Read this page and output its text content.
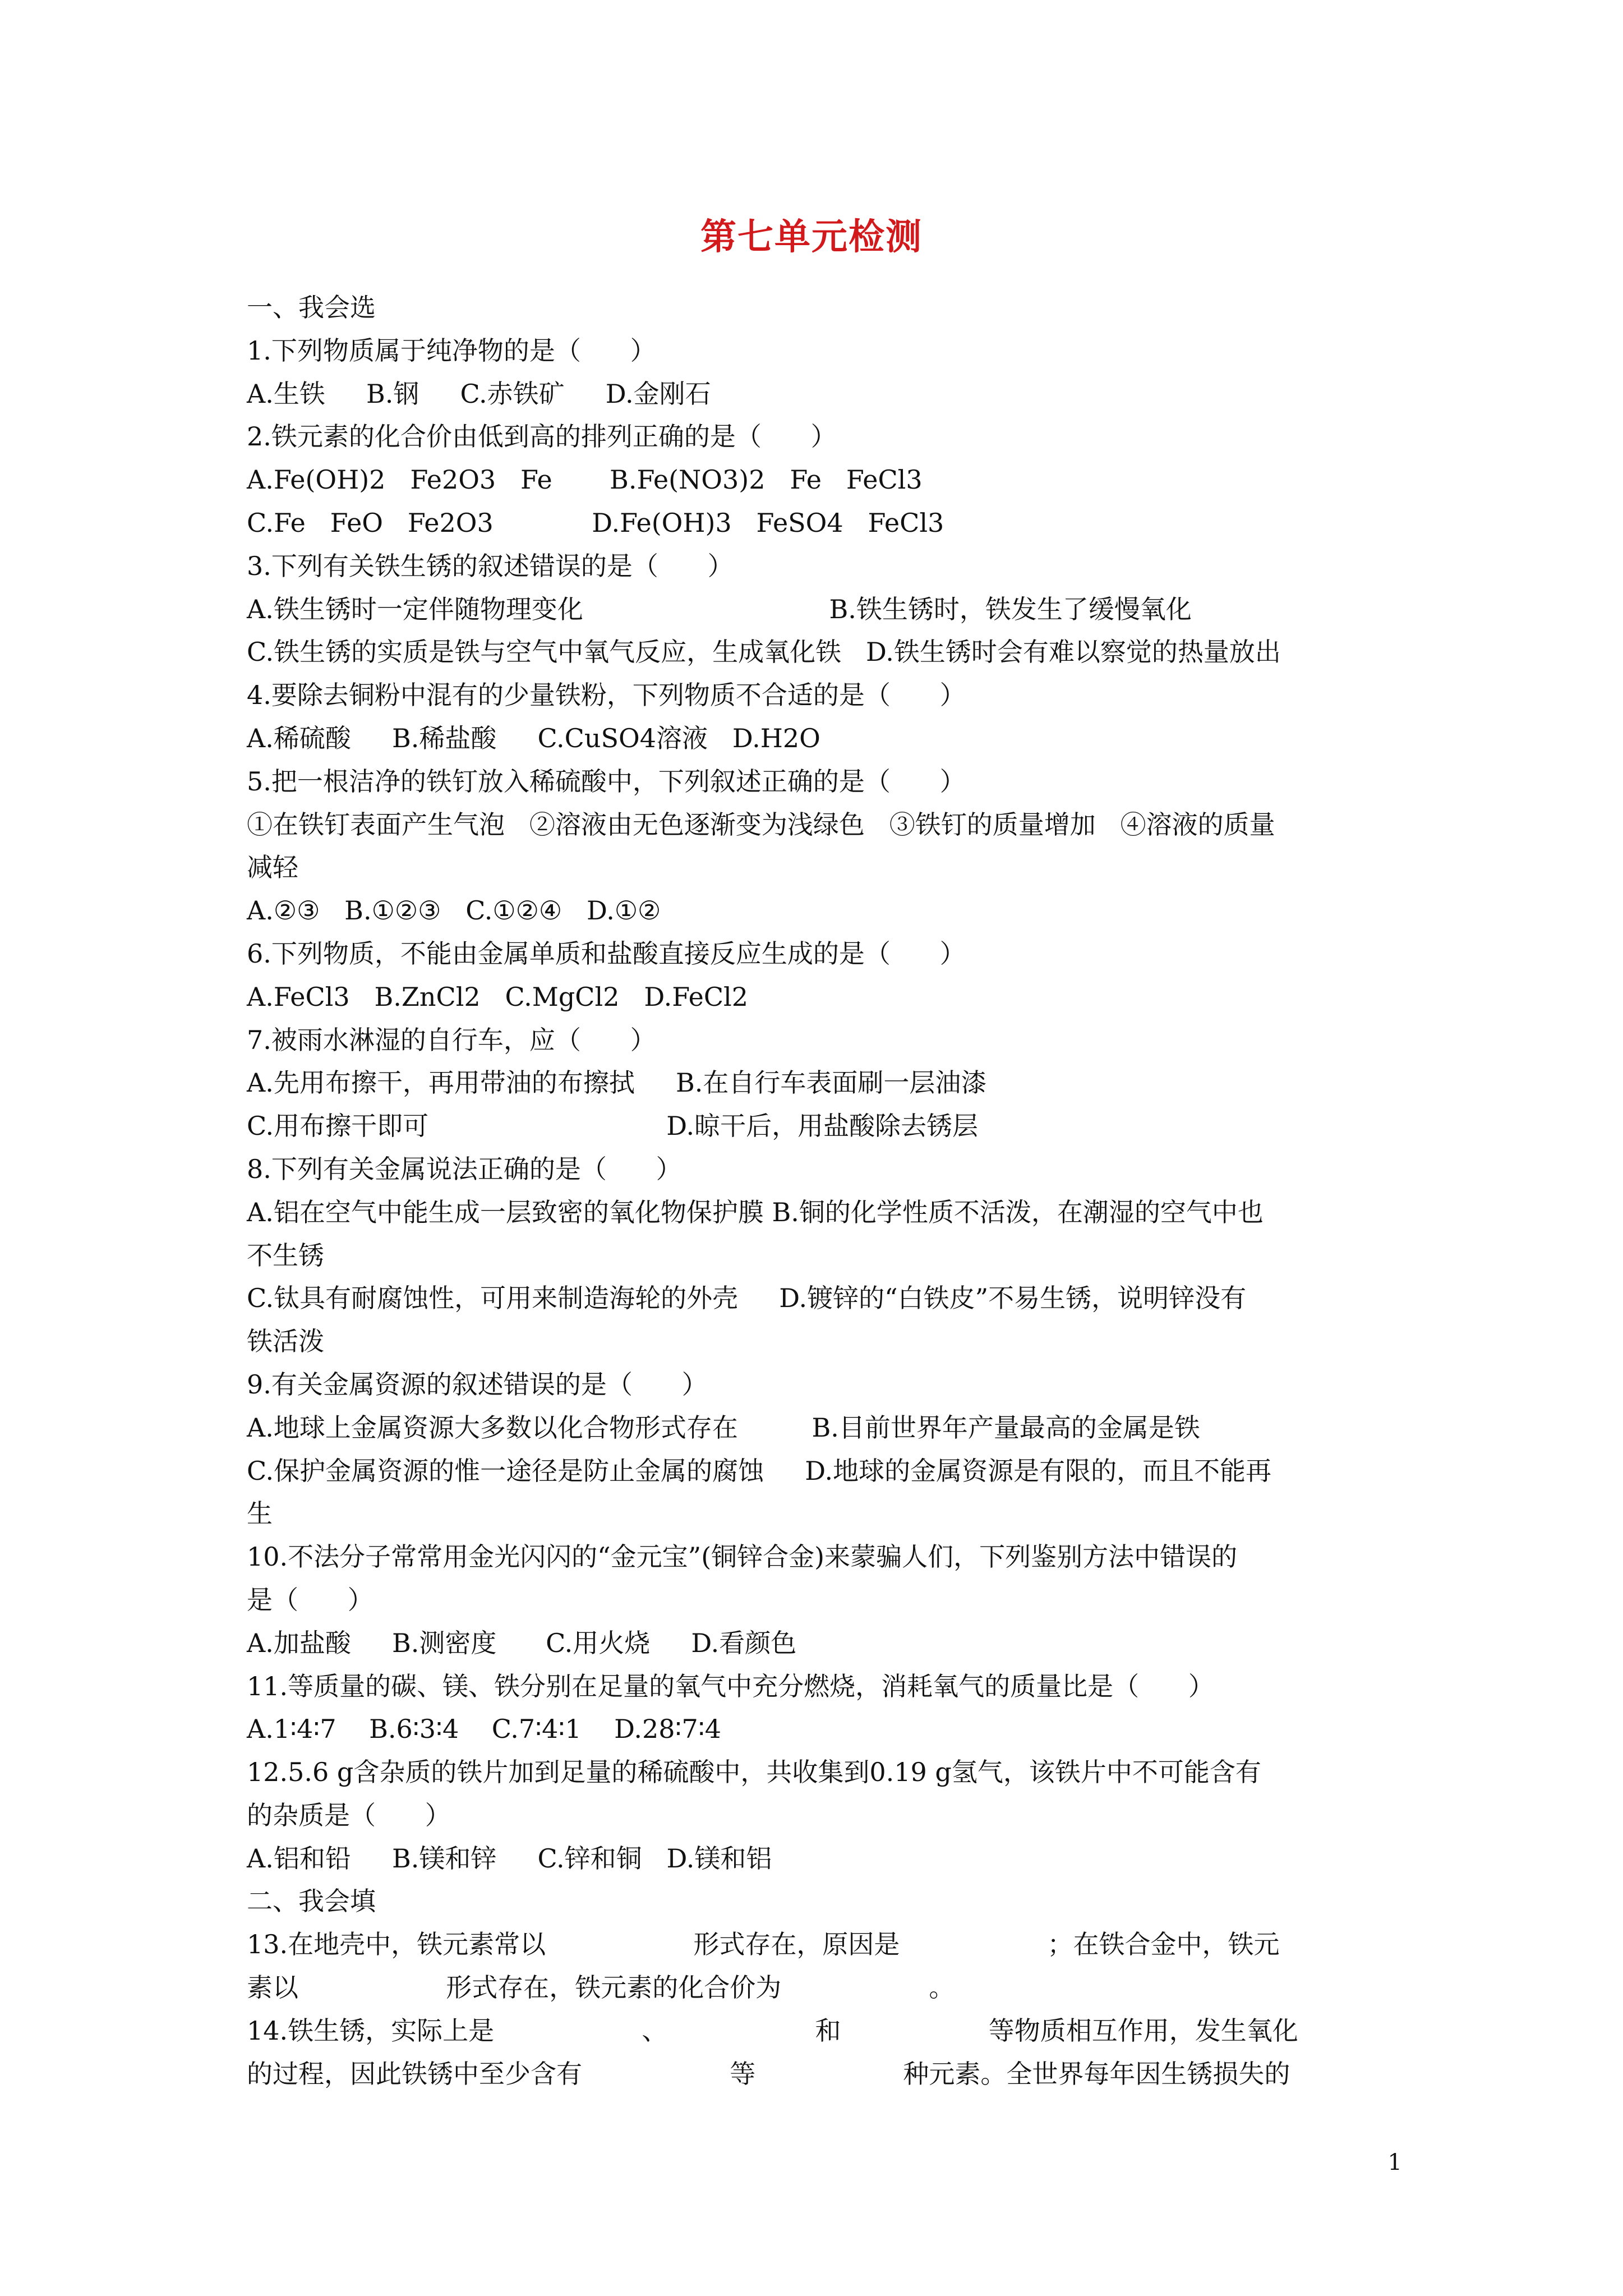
第七单元检测
一、我会选
1.下列物质属于纯净物的是（      ）
A.生铁     B.钢     C.赤铁矿     D.金刚石
2.铁元素的化合价由低到高的排列正确的是（      ）
A.Fe(OH)2   Fe2O3   Fe       B.Fe(NO3)2   Fe   FeCl3
C.Fe   FeO   Fe2O3            D.Fe(OH)3   FeSO4   FeCl3
3.下列有关铁生锈的叙述错误的是（      ）
A.铁生锈时一定伴随物理变化                              B.铁生锈时，铁发生了缓慢氧化
C.铁生锈的实质是铁与空气中氧气反应，生成氧化铁   D.铁生锈时会有难以察觉的热量放出
4.要除去铜粉中混有的少量铁粉，下列物质不合适的是（      ）
A.稀硫酸     B.稀盐酸     C.CuSO4溶液   D.H2O
5.把一根洁净的铁钉放入稀硫酸中，下列叙述正确的是（      ）
①在铁钉表面产生气泡   ②溶液由无色逐渐变为浅绿色   ③铁钉的质量增加   ④溶液的质量
减轻
A.②③   B.①②③   C.①②④   D.①②
6.下列物质，不能由金属单质和盐酸直接反应生成的是（      ）
A.FeCl3   B.ZnCl2   C.MgCl2   D.FeCl2
7.被雨水淋湿的自行车，应（      ）
A.先用布擦干，再用带油的布擦拭     B.在自行车表面刷一层油漆
C.用布擦干即可                             D.晾干后，用盐酸除去锈层
8.下列有关金属说法正确的是（      ）
A.铝在空气中能生成一层致密的氧化物保护膜 B.铜的化学性质不活泼，在潮湿的空气中也
不生锈
C.钛具有耐腐蚀性，可用来制造海轮的外壳     D.镀锌的“白铁皮”不易生锈，说明锌没有
铁活泼
9.有关金属资源的叙述错误的是（      ）
A.地球上金属资源大多数以化合物形式存在         B.目前世界年产量最高的金属是铁
C.保护金属资源的惟一途径是防止金属的腐蚀     D.地球的金属资源是有限的，而且不能再
生
10.不法分子常常用金光闪闪的“金元宝”(铜锌合金)来蒙骗人们，下列鉴别方法中错误的
是（      ）
A.加盐酸     B.测密度      C.用火烧     D.看颜色
11.等质量的碳、镁、铁分别在足量的氧气中充分燃烧，消耗氧气的质量比是（      ）
A.1∶4∶7    B.6∶3∶4    C.7∶4∶1    D.28∶7∶4
12.5.6 g含杂质的铁片加到足量的稀硫酸中，共收集到0.19 g氢气，该铁片中不可能含有
的杂质是（      ）
A.铝和铅     B.镁和锌     C.锌和铜   D.镁和铝
二、我会填
13.在地壳中，铁元素常以                  形式存在，原因是                  ；在铁合金中，铁元
素以                  形式存在，铁元素的化合价为                  。
14.铁生锈，实际上是                  、                  和                  等物质相互作用，发生氧化
的过程，因此铁锈中至少含有                  等                  种元素。全世界每年因生锈损失的
1
